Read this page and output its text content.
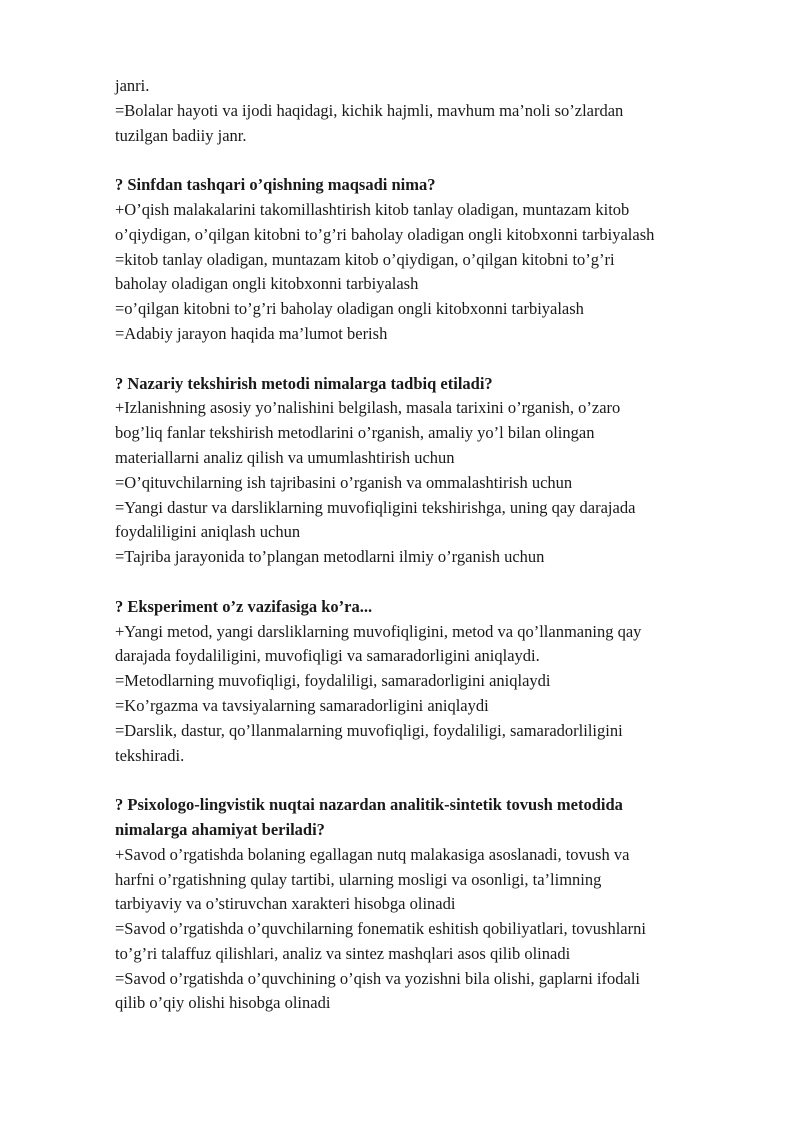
janri.
=Bolalar hayoti va ijodi haqidagi, kichik hajmli, mavhum ma’noli so’zlardan
tuzilgan badiiy janr.
? Sinfdan tashqari o’qishning maqsadi nima?
+O’qish malakalarini takomillashtirish kitob tanlay oladigan, muntazam kitob
o’qiydigan, o’qilgan kitobni to’g’ri baholay oladigan ongli kitobxonni tarbiyalash
=kitob tanlay oladigan, muntazam kitob o’qiydigan, o’qilgan kitobni to’g’ri
baholay oladigan ongli kitobxonni tarbiyalash
=o’qilgan kitobni to’g’ri baholay oladigan ongli kitobxonni tarbiyalash
=Adabiy jarayon haqida ma’lumot berish
? Nazariy tekshirish metodi nimalarga tadbiq etiladi?
+Izlanishning asosiy yo’nalishini belgilash, masala tarixini o’rganish, o’zaro
bog’liq fanlar tekshirish metodlarini o’rganish, amaliy yo’l bilan olingan
materiallarni analiz qilish va umumlashtirish uchun
=O’qituvchilarning ish tajribasini o’rganish va ommalashtirish uchun
=Yangi dastur va darsliklarning muvofiqligini tekshirishga, uning qay darajada
foydaliligini aniqlash uchun
=Tajriba jarayonida to’plangan metodlarni ilmiy o’rganish uchun
? Eksperiment o’z vazifasiga ko’ra...
+Yangi metod, yangi darsliklarning muvofiqligini, metod va qo’llanmaning qay
darajada foydaliligini, muvofiqligi va samaradorligini aniqlaydi.
=Metodlarning muvofiqligi, foydaliligi, samaradorligini aniqlaydi
=Ko’rgazma va tavsiyalarning samaradorligini aniqlaydi
=Darslik, dastur, qo’llanmalarning muvofiqligi, foydaliligi, samaradorliligini
tekshiradi.
? Psixologo-lingvistik nuqtai nazardan analitik-sintetik tovush metodida
nimalarga ahamiyat beriladi?
+Savod o’rgatishda bolaning egallagan nutq malakasiga asoslanadi, tovush va
harfni o’rgatishning qulay tartibi, ularning mosligi va osonligi, ta’limning
tarbiyaviy va o’stiruvchan xarakteri hisobga olinadi
=Savod o’rgatishda o’quvchilarning fonematik eshitish qobiliyatlari, tovushlarni
to’g’ri talaffuz qilishlari, analiz va sintez mashqlari asos qilib olinadi
=Savod o’rgatishda o’quvchining o’qish va yozishni bila olishi, gaplarni ifodali
qilib o’qiy olishi hisobga olinadi
